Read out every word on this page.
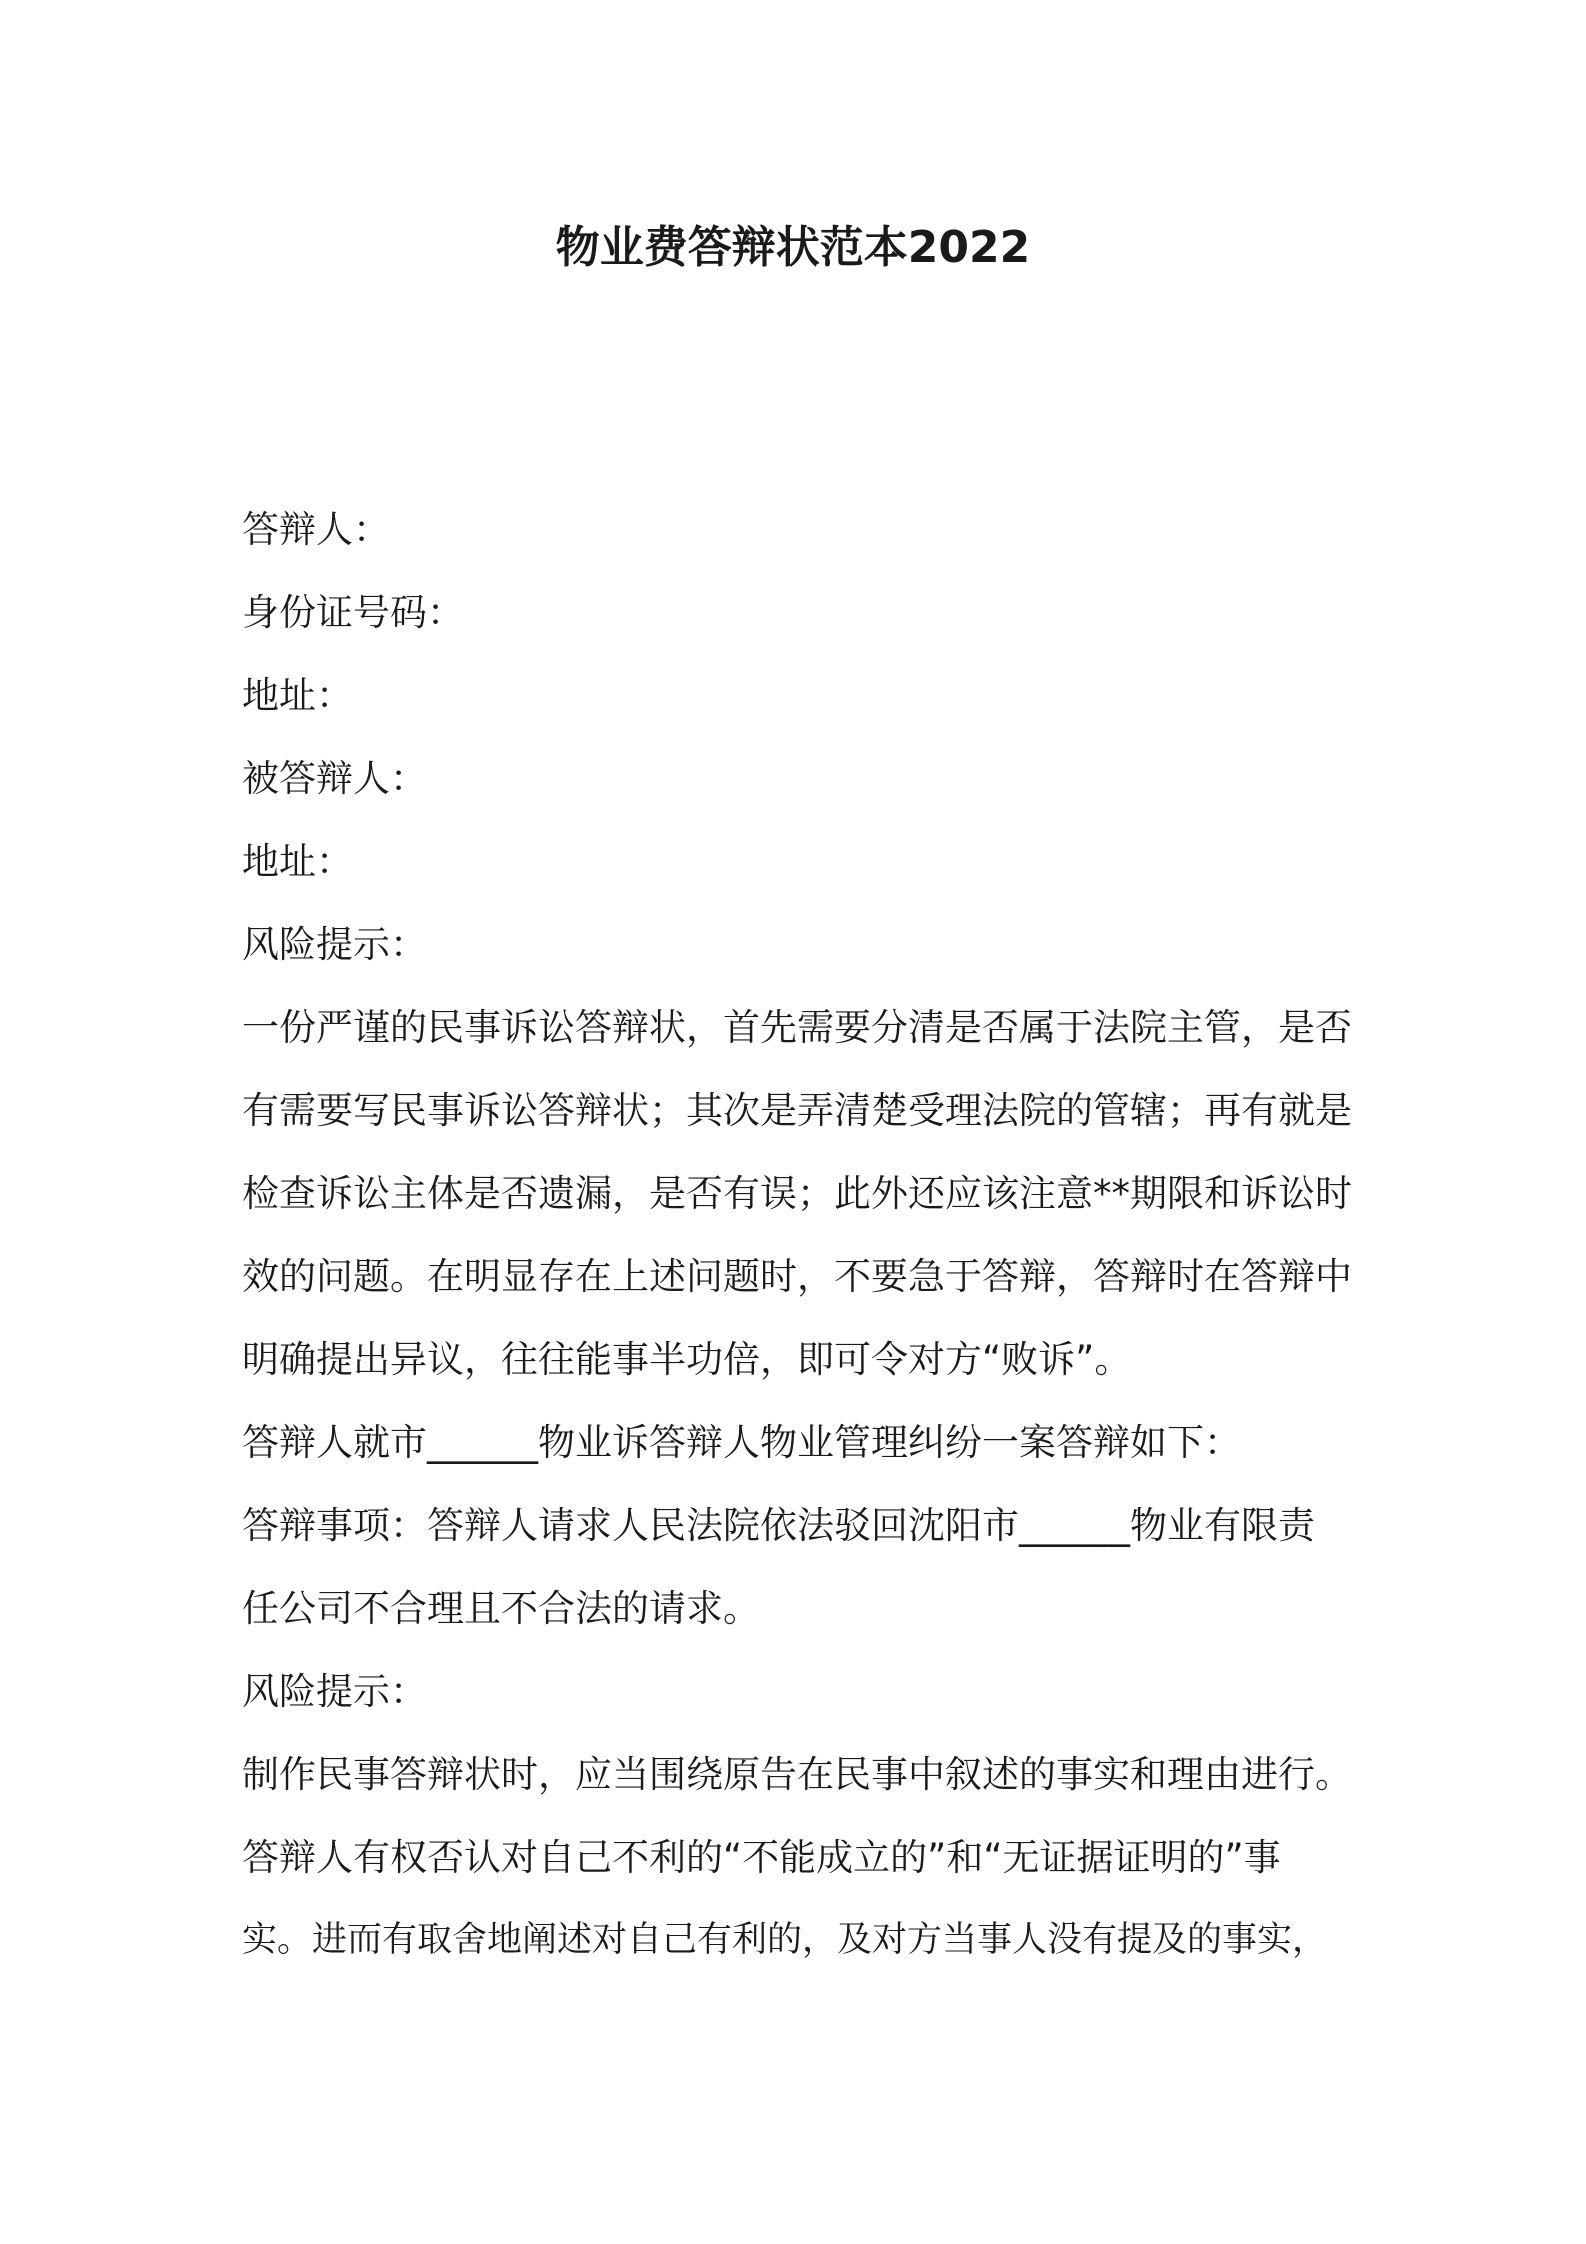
物业费答辩状范本2022
答辩人：
身份证号码：
地址：
被答辩人：
地址：
风险提示：
一份严谨的民事诉讼答辩状，首先需要分清是否属于法院主管，是否
有需要写民事诉讼答辩状；其次是弄清楚受理法院的管辖；再有就是
检查诉讼主体是否遗漏，是否有误；此外还应该注意**期限和诉讼时
效的问题。在明显存在上述问题时，不要急于答辩，答辩时在答辩中
明确提出异议，往往能事半功倍，即可令对方“败诉”。
答辩人就市______物业诉答辩人物业管理纠纷一案答辩如下：
答辩事项：答辩人请求人民法院依法驳回沈阳市______物业有限责
任公司不合理且不合法的请求。
风险提示：
制作民事答辩状时，应当围绕原告在民事中叙述的事实和理由进行。
答辩人有权否认对自己不利的“不能成立的”和“无证据证明的”事
实。进而有取舍地阐述对自己有利的，及对方当事人没有提及的事实，
